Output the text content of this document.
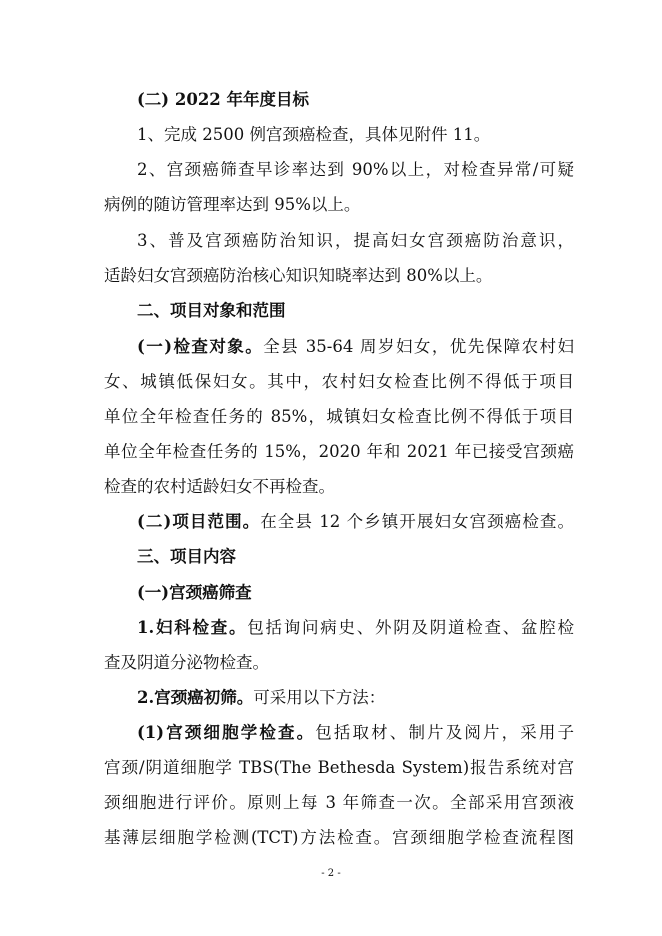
(二) 2022 年年度目标
1、完成 2500 例宫颈癌检查，具体见附件 11。
2、宫颈癌筛查早诊率达到 90%以上，对检查异常/可疑
病例的随访管理率达到 95%以上。
3、普及宫颈癌防治知识，提高妇女宫颈癌防治意识，
适龄妇女宫颈癌防治核心知识知晓率达到 80%以上。
二、项目对象和范围
(一)检查对象。全县 35-64 周岁妇女，优先保障农村妇
女、城镇低保妇女。其中，农村妇女检查比例不得低于项目
单位全年检查任务的 85%，城镇妇女检查比例不得低于项目
单位全年检查任务的 15%，2020 年和 2021 年已接受宫颈癌
检查的农村适龄妇女不再检查。
(二)项目范围。在全县 12 个乡镇开展妇女宫颈癌检查。
三、项目内容
(一)宫颈癌筛查
1.妇科检查。包括询问病史、外阴及阴道检查、盆腔检
查及阴道分泌物检查。
2.宫颈癌初筛。可采用以下方法：
(1)宫颈细胞学检查。包括取材、制片及阅片，采用子
宫颈/阴道细胞学 TBS(The Bethesda System)报告系统对宫
颈细胞进行评价。原则上每 3 年筛查一次。全部采用宫颈液
基薄层细胞学检测(TCT)方法检查。宫颈细胞学检查流程图
- 2 -
